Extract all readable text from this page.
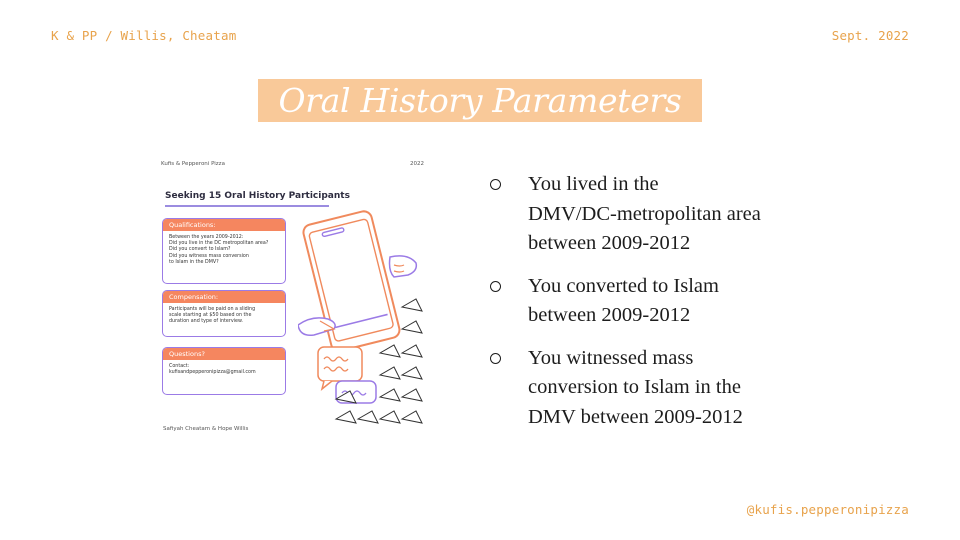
K & PP / Willis, Cheatam	Sept. 2022
Oral History Parameters
Kufis & Pepperoni Pizza	2022
Seeking 15 Oral History Participants
Qualifications:
Between the years 2009-2012:
Did you live in the DC metropolitan area?
Did you convert to Islam?
Did you witness mass conversion
to Islam in the DMV?
Compensation:
Participants will be paid on a sliding
scale starting at $50 based on the
duration and type of interview.
Questions?
Contact:
kufisandpepperonipizza@gmail.com
Safiyah Cheatam & Hope Willis
You lived in the
DMV/DC-metropolitan area
between 2009-2012
You converted to Islam
between 2009-2012
You witnessed mass
conversion to Islam in the
DMV between 2009-2012
@kufis.pepperonipizza
